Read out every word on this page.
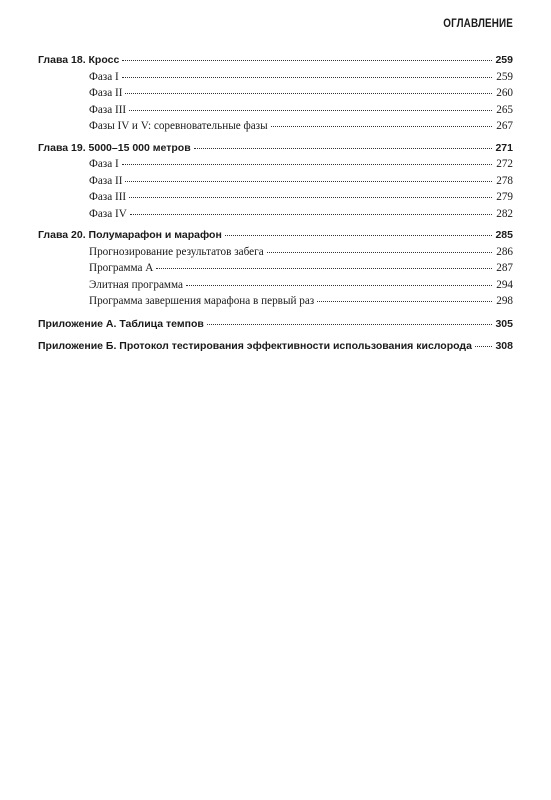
ОГЛАВЛЕНИЕ
Глава 18. Кросс	259
Фаза I	259
Фаза II	260
Фаза III	265
Фазы IV и V: соревновательные фазы	267
Глава 19. 5000–15 000 метров	271
Фаза I	272
Фаза II	278
Фаза III	279
Фаза IV	282
Глава 20. Полумарафон и марафон	285
Прогнозирование результатов забега	286
Программа А	287
Элитная программа	294
Программа завершения марафона в первый раз	298
Приложение А. Таблица темпов	305
Приложение Б. Протокол тестирования эффективности использования кислорода 308
